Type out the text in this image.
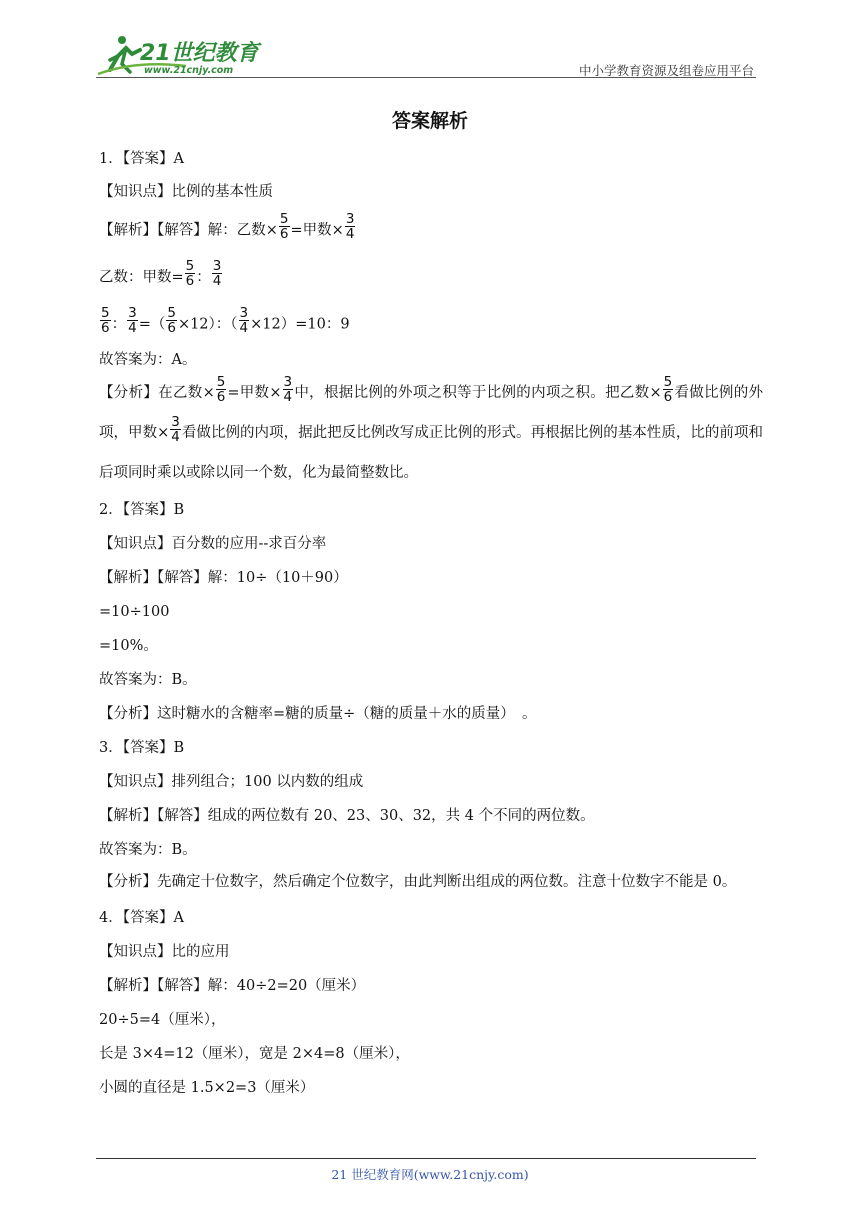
21世纪教育
www.21cnjy.com	中小学教育资源及组卷应用平台
答案解析

1．【答案】A

【知识点】比例的基本性质

【解析】【解答】解：乙数× $\frac{5}{6}$ =甲数× $\frac{3}{4}$

乙数：甲数= $\frac{5}{6}$ ： $\frac{3}{4}$

$\frac{5}{6}$ ： $\frac{3}{4}$ =（ $\frac{5}{6} \times 12$）：（ $\frac{3}{4} \times 12)=10$：9

故答案为：A。

【分析】在乙数× $\frac{5}{6}$ =甲数× $\frac{3}{4}$ 中，根据比例的外项之积等于比例的内项之积。把乙数× $\frac{5}{6}$ 看做比例的外项，甲数× $\frac{3}{4}$ 看做比例的内项，据此把反比例改写成正比例的形式。再根据比例的基本性质，比的前项和后项同时乘以或除以同一个数，化为最简整数比。

2．【答案】B

【知识点】百分数的应用--求百分率

【解析】【解答】解：10÷（10＋90）

=10÷100

=10%。

故答案为：B。

【分析】这时糖水的含糖率=糖的质量÷（糖的质量＋水的质量）　。

3．【答案】B

【知识点】排列组合；100 以内数的组成

【解析】【解答】组成的两位数有 20、23、30、32，共 4 个不同的两位数。

故答案为：B。

【分析】先确定十位数字，然后确定个位数字，由此判断出组成的两位数。注意十位数字不能是 0。

4．【答案】A

【知识点】比的应用

【解析】【解答】解：40÷2=20（厘米）

20÷5=4（厘米），

长是 3×4=12（厘米），宽是 2×4=8（厘米），

小圆的直径是 1.5×2=3（厘米）

21 世纪教育网(www.21cnjy.com)
